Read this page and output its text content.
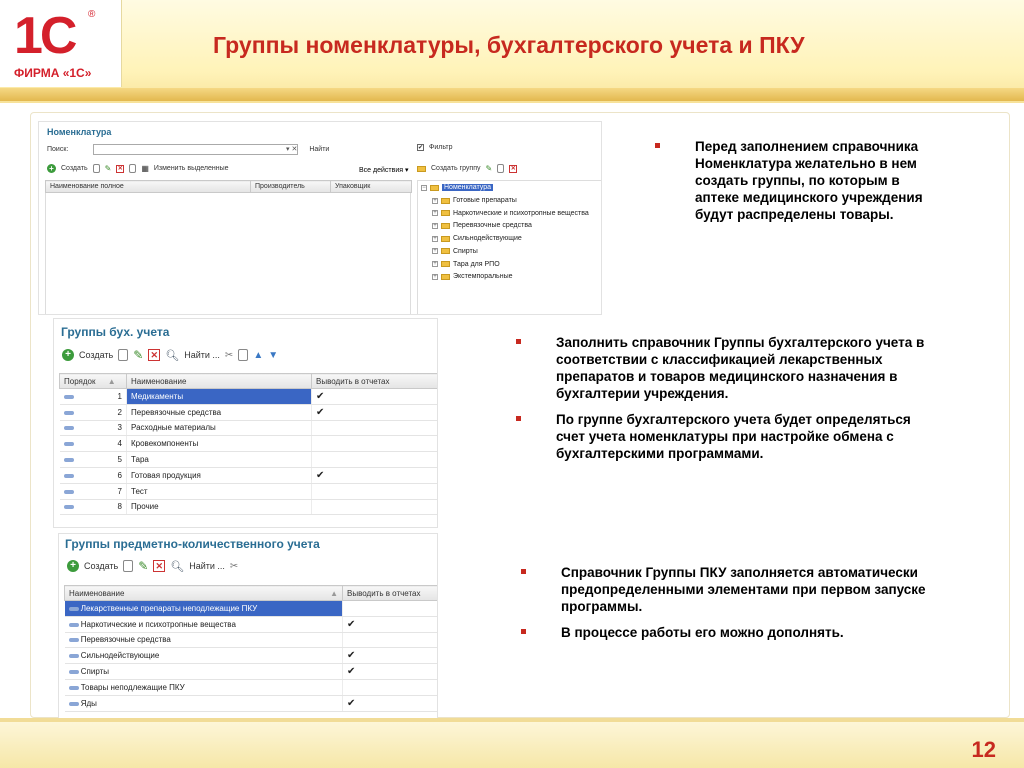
1С ®
ФИРМА «1С»
Группы номенклатуры, бухгалтерского учета и ПКУ
Номенклатура
Поиск:	▾ ✕ Найти	✔ Фильтр
+	Создать ✎ ✕ ▦ Изменить выделенные	Все действия ▾	Создать группу ✎	✕
Наименование полное	Производитель	Упаковщик	−	Номенклатура
+ Готовые препараты
+ Наркотические и психотропные вещества
+ Перевязочные средства
+ Сильнодействующие
+ Спирты
+ Тара для РПО
+ Экстемпоральные
Группы бух. учета
+ Создать ✎ ✕ 🔍︎ Найти ... ✂ ▲ ▼
Порядок ▲	Наименование	Выводить в отчетах

1	Медикаменты	✔

2	Перевязочные средства	✔

3	Расходные материалы	

4	Кровекомпоненты	

5	Тара	

6	Готовая продукция	✔

7	Тест	

8	Прочие	
Группы предметно-количественного учета
+ Создать ✎ ✕ 🔍︎ Найти ... ✂
Наименование ▲	Выводить в отчетах
Лекарственные препараты неподлежащие ПКУ	
Наркотические и психотропные вещества	✔
Перевязочные средства	
Сильнодействующие	✔
Спирты	✔
Товары неподлежащие ПКУ	
Яды	✔
Перед заполнением справочника Номенклатура желательно в нем создать группы, по которым в аптеке медицинского учреждения будут распределены товары.
Заполнить справочник Группы бухгалтерского учета в соответствии с классификацией лекарственных препаратов и товаров медицинского назначения в бухгалтерии учреждения.
По группе бухгалтерского учета будет определяться счет учета номенклатуры при настройке обмена с бухгалтерскими программами.
Справочник Группы ПКУ заполняется автоматически предопределенными элементами при первом запуске программы.
В процессе работы его можно дополнять.
12
